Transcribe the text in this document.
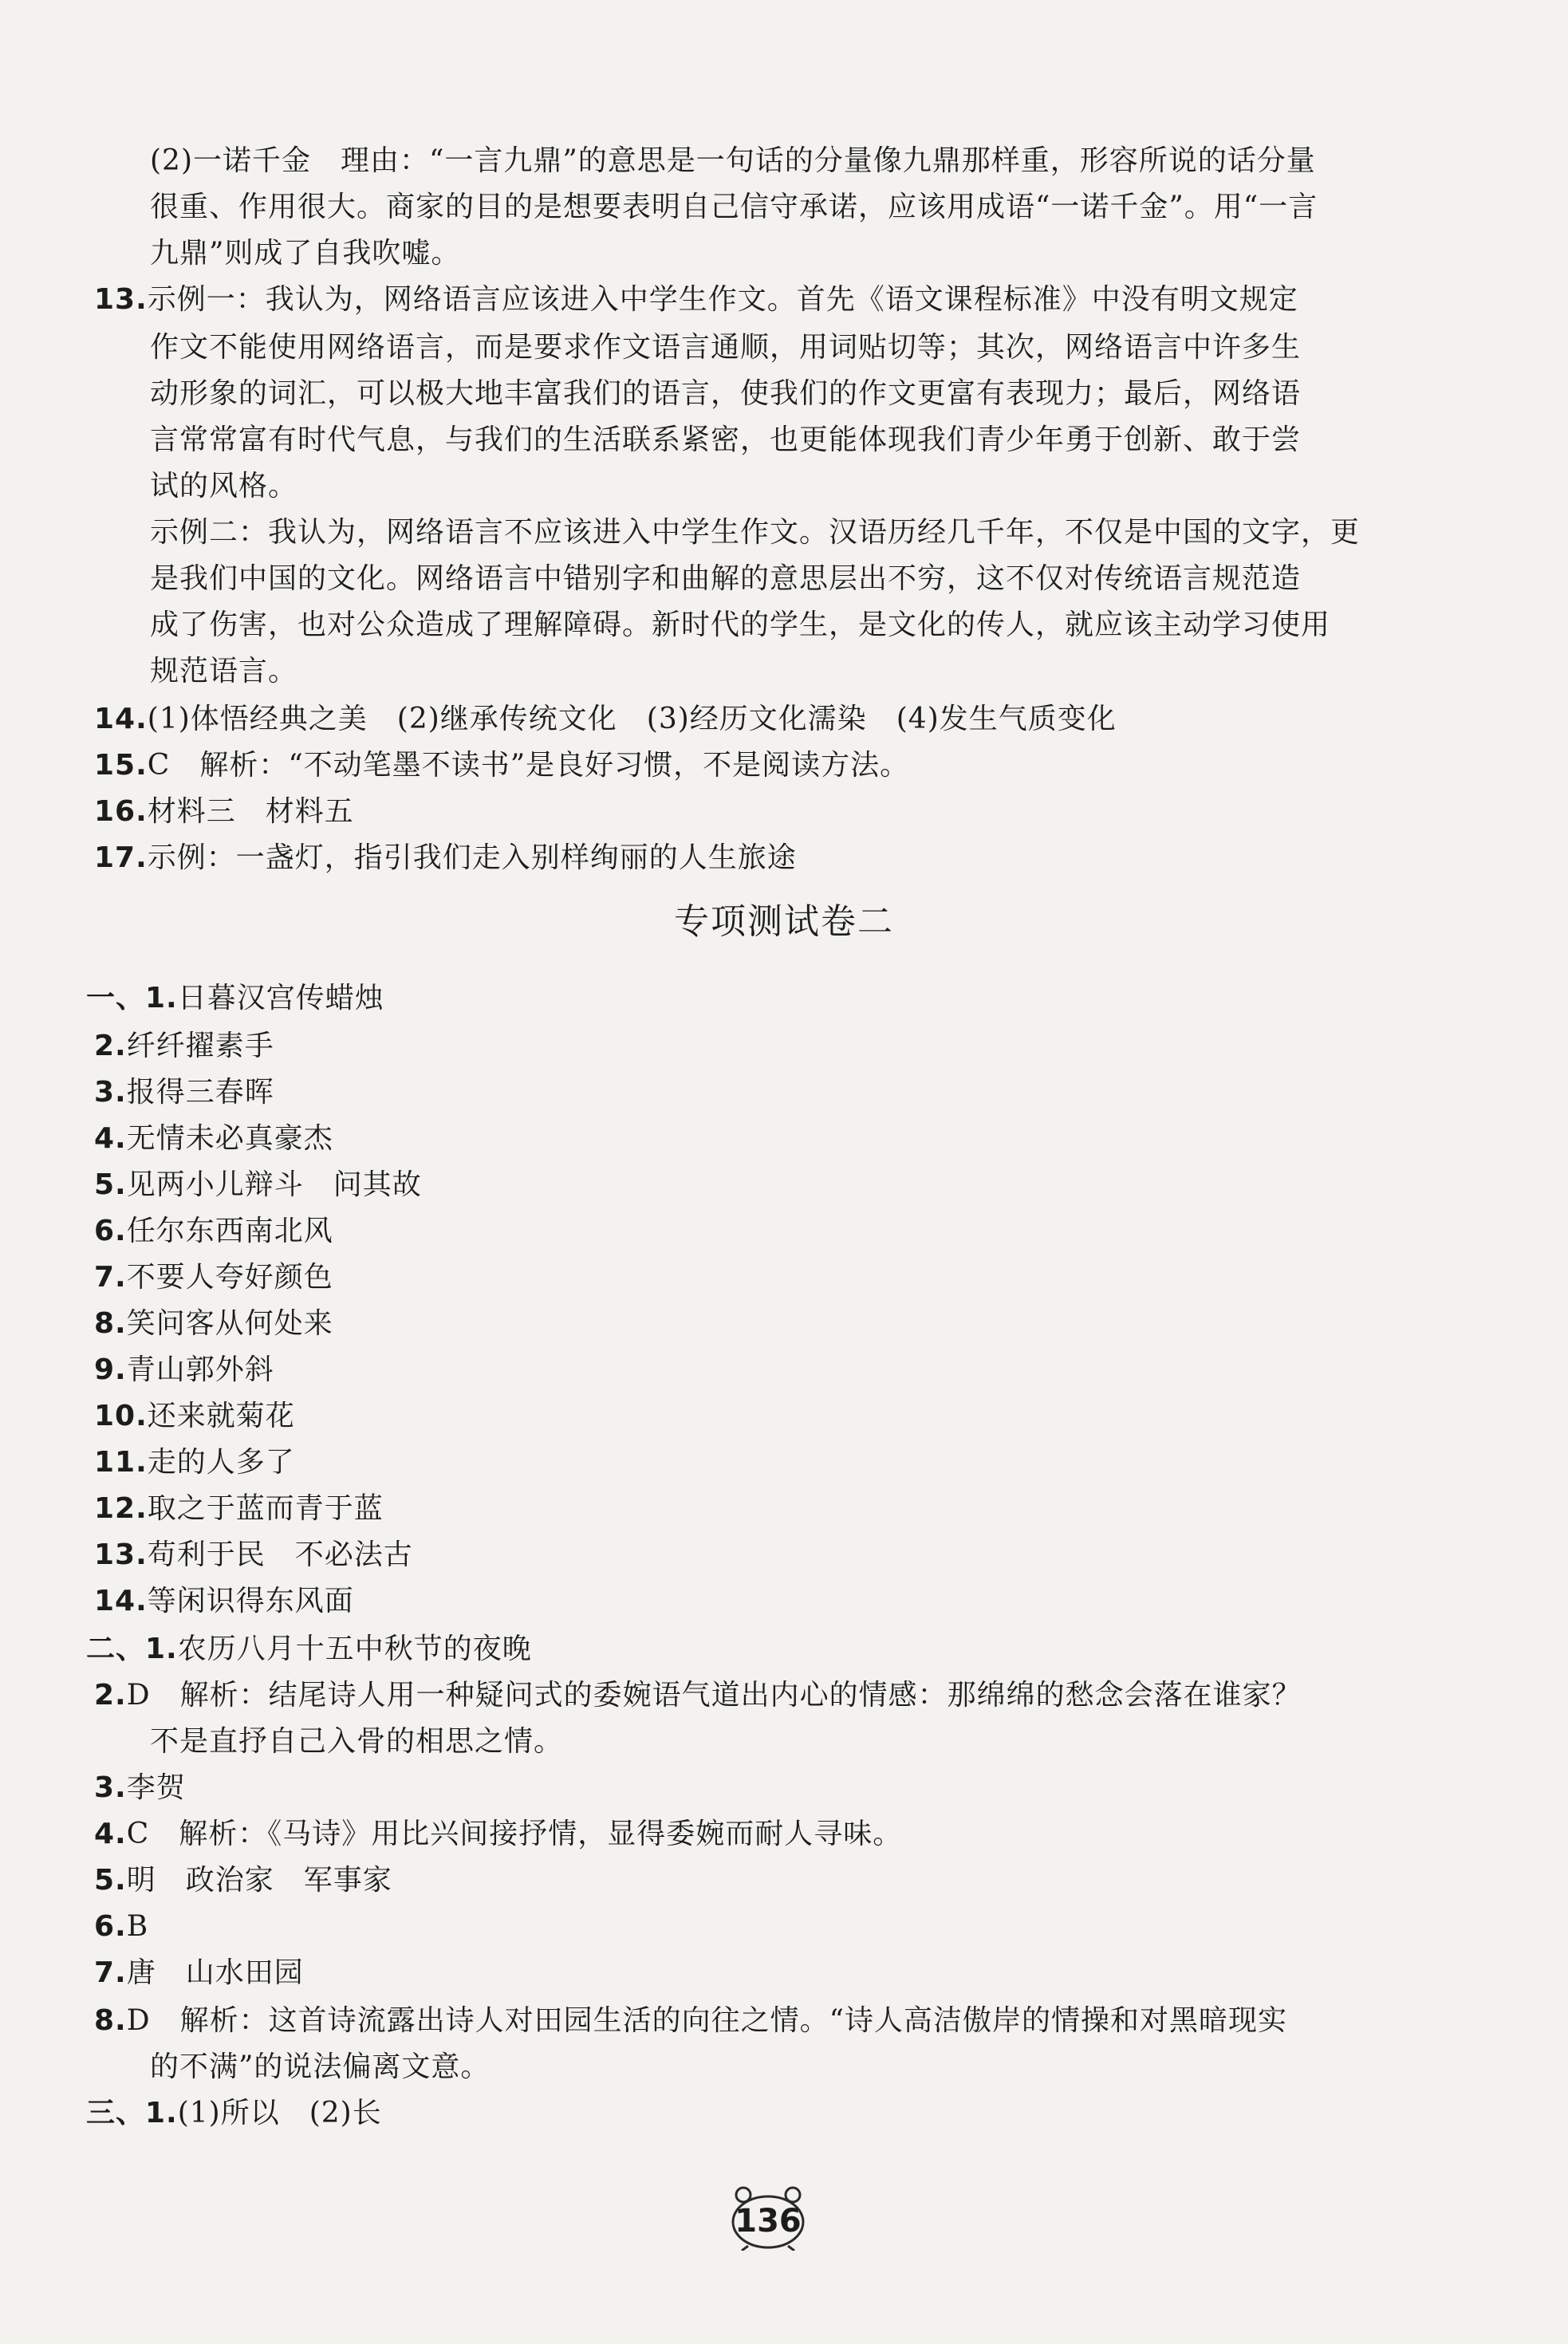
(2)一诺千金　理由：“一言九鼎”的意思是一句话的分量像九鼎那样重，形容所说的话分量
很重、作用很大。商家的目的是想要表明自己信守承诺，应该用成语“一诺千金”。用“一言
九鼎”则成了自我吹嘘。
13.示例一：我认为，网络语言应该进入中学生作文。首先《语文课程标准》中没有明文规定
作文不能使用网络语言，而是要求作文语言通顺，用词贴切等；其次，网络语言中许多生
动形象的词汇，可以极大地丰富我们的语言，使我们的作文更富有表现力；最后，网络语
言常常富有时代气息，与我们的生活联系紧密，也更能体现我们青少年勇于创新、敢于尝
试的风格。
示例二：我认为，网络语言不应该进入中学生作文。汉语历经几千年，不仅是中国的文字，更
是我们中国的文化。网络语言中错别字和曲解的意思层出不穷，这不仅对传统语言规范造
成了伤害，也对公众造成了理解障碍。新时代的学生，是文化的传人，就应该主动学习使用
规范语言。
14.(1)体悟经典之美　(2)继承传统文化　(3)经历文化濡染　(4)发生气质变化
15.C　解析：“不动笔墨不读书”是良好习惯，不是阅读方法。
16.材料三　材料五
17.示例：一盏灯，指引我们走入别样绚丽的人生旅途
专项测试卷二
一、1.日暮汉宫传蜡烛
2.纤纤擢素手
3.报得三春晖
4.无情未必真豪杰
5.见两小儿辩斗　问其故
6.任尔东西南北风
7.不要人夸好颜色
8.笑问客从何处来
9.青山郭外斜
10.还来就菊花
11.走的人多了
12.取之于蓝而青于蓝
13.苟利于民　不必法古
14.等闲识得东风面
二、1.农历八月十五中秋节的夜晚
2.D　解析：结尾诗人用一种疑问式的委婉语气道出内心的情感：那绵绵的愁念会落在谁家？
不是直抒自己入骨的相思之情。
3.李贺
4.C　解析：《马诗》用比兴间接抒情，显得委婉而耐人寻味。
5.明　政治家　军事家
6.B
7.唐　山水田园
8.D　解析：这首诗流露出诗人对田园生活的向往之情。“诗人高洁傲岸的情操和对黑暗现实
的不满”的说法偏离文意。
三、1.(1)所以　(2)长
136
